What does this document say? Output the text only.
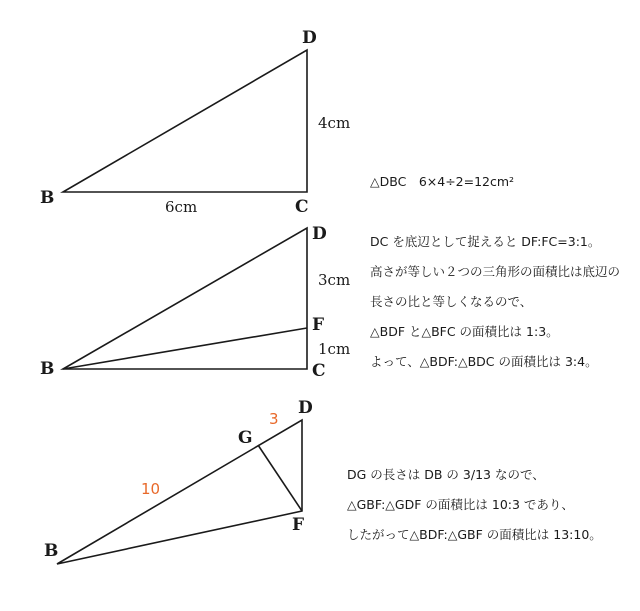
B	C
D
4cm
6cm
B	C
D
F
3cm
1cm
B
D
F
G
10
3

△DBC　6×4÷2=12cm²

DC を底辺として捉えると DF:FC=3:1。

高さが等しい２つの三角形の面積比は底辺の

長さの比と等しくなるので、

△BDF と△BFC の面積比は 1:3。

よって、△BDF:△BDC の面積比は 3:4。

DG の長さは DB の 3/13 なので、

△GBF:△GDF の面積比は 10:3 であり、

したがって△BDF:△GBF の面積比は 13:10。
